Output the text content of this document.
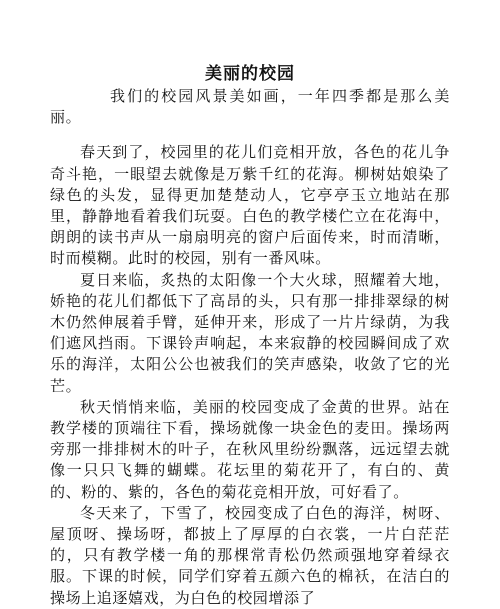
美丽的校园

我们的校园风景美如画，一年四季都是那么美丽。

春天到了，校园里的花儿们竞相开放，各色的花儿争奇斗艳，一眼望去就像是万紫千红的花海。柳树姑娘染了绿色的头发，显得更加楚楚动人，它亭亭玉立地站在那里，静静地看着我们玩耍。白色的教学楼伫立在花海中，朗朗的读书声从一扇扇明亮的窗户后面传来，时而清晰，时而模糊。此时的校园，别有一番风味。

夏日来临，炙热的太阳像一个大火球，照耀着大地，娇艳的花儿们都低下了高昂的头，只有那一排排翠绿的树木仍然伸展着手臂，延伸开来，形成了一片片绿荫，为我们遮风挡雨。下课铃声响起，本来寂静的校园瞬间成了欢乐的海洋，太阳公公也被我们的笑声感染，收敛了它的光芒。

秋天悄悄来临，美丽的校园变成了金黄的世界。站在教学楼的顶端往下看，操场就像一块金色的麦田。操场两旁那一排排树木的叶子，在秋风里纷纷飘落，远远望去就像一只只飞舞的蝴蝶。花坛里的菊花开了，有白的、黄的、粉的、紫的，各色的菊花竞相开放，可好看了。

冬天来了，下雪了，校园变成了白色的海洋，树呀、屋顶呀、操场呀，都披上了厚厚的白衣裳，一片白茫茫的，只有教学楼一角的那棵常青松仍然顽强地穿着绿衣服。下课的时候，同学们穿着五颜六色的棉袄，在洁白的操场上追逐嬉戏，为白色的校园增添了
